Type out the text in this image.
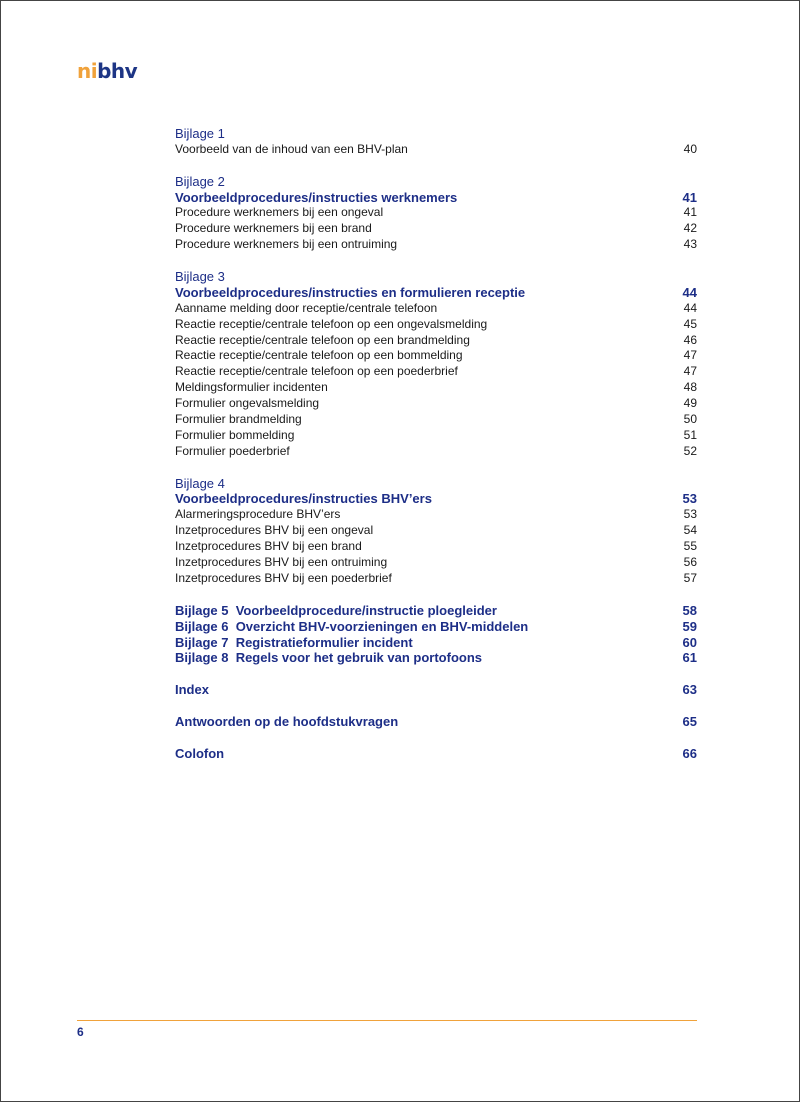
nibhv
Bijlage 1
Voorbeeld van de inhoud van een BHV-plan	40
Bijlage 2
Voorbeeldprocedures/instructies werknemers	41
Procedure werknemers bij een ongeval	41
Procedure werknemers bij een brand	42
Procedure werknemers bij een ontruiming	43
Bijlage 3
Voorbeeldprocedures/instructies en formulieren receptie	44
Aanname melding door receptie/centrale telefoon	44
Reactie receptie/centrale telefoon op een ongevalsmelding	45
Reactie receptie/centrale telefoon op een brandmelding	46
Reactie receptie/centrale telefoon op een bommelding	47
Reactie receptie/centrale telefoon op een poederbrief	47
Meldingsformulier incidenten	48
Formulier ongevalsmelding	49
Formulier brandmelding	50
Formulier bommelding	51
Formulier poederbrief	52
Bijlage 4
Voorbeeldprocedures/instructies BHV’ers	53
Alarmeringsprocedure BHV’ers	53
Inzetprocedures BHV bij een ongeval	54
Inzetprocedures BHV bij een brand	55
Inzetprocedures BHV bij een ontruiming	56
Inzetprocedures BHV bij een poederbrief	57
Bijlage 5  Voorbeeldprocedure/instructie ploegleider	58
Bijlage 6  Overzicht BHV-voorzieningen en BHV-middelen	59
Bijlage 7  Registratieformulier incident	60
Bijlage 8  Regels voor het gebruik van portofoons	61
Index	63
Antwoorden op de hoofdstukvragen	65
Colofon	66
6
